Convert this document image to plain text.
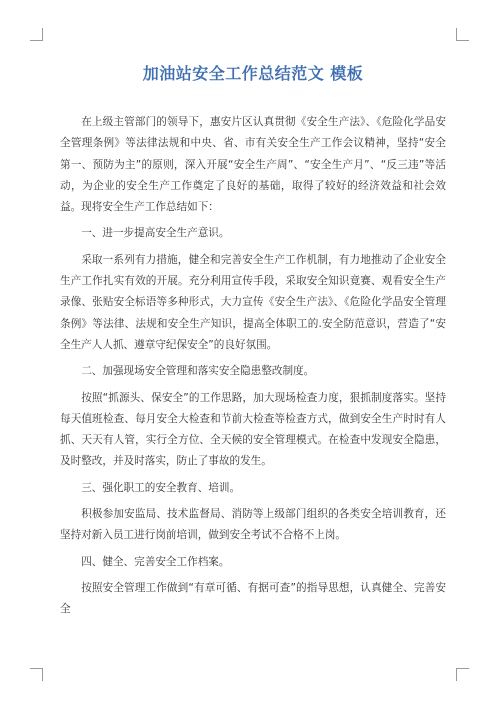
加油站安全工作总结范文 模板

在上级主管部门的领导下，惠安片区认真贯彻《安全生产法》、《危险化学品安全管理条例》等法律法规和中央、省、市有关安全生产工作会议精神，坚持“安全第一、预防为主”的原则，深入开展“安全生产周”、“安全生产月”、“反三违”等活动，为企业的安全生产工作奠定了良好的基础，取得了较好的经济效益和社会效益。现将安全生产工作总结如下：

一、进一步提高安全生产意识。

采取一系列有力措施，健全和完善安全生产工作机制，有力地推动了企业安全生产工作扎实有效的开展。充分利用宣传手段，采取安全知识竟赛、观看安全生产录像、张贴安全标语等多种形式，大力宣传《安全生产法》、《危险化学品安全管理条例》等法律、法规和安全生产知识，提高全体职工的.安全防范意识，营造了“安全生产人人抓、遵章守纪保安全”的良好氛围。

二、加强现场安全管理和落实安全隐患整改制度。

按照“抓源头、保安全”的工作思路，加大现场检查力度，狠抓制度落实。坚持每天值班检查、每月安全大检查和节前大检查等检查方式，做到安全生产时时有人抓、天天有人管，实行全方位、全天候的安全管理模式。在检查中发现安全隐患，及时整改，并及时落实，防止了事故的发生。

三、强化职工的安全教育、培训。

积极参加安监局、技术监督局、消防等上级部门组织的各类安全培训教育，还坚持对新入员工进行岗前培训，做到安全考试不合格不上岗。

四、健全、完善安全工作档案。

按照安全管理工作做到“有章可循、有据可查”的指导思想，认真健全、完善安全
